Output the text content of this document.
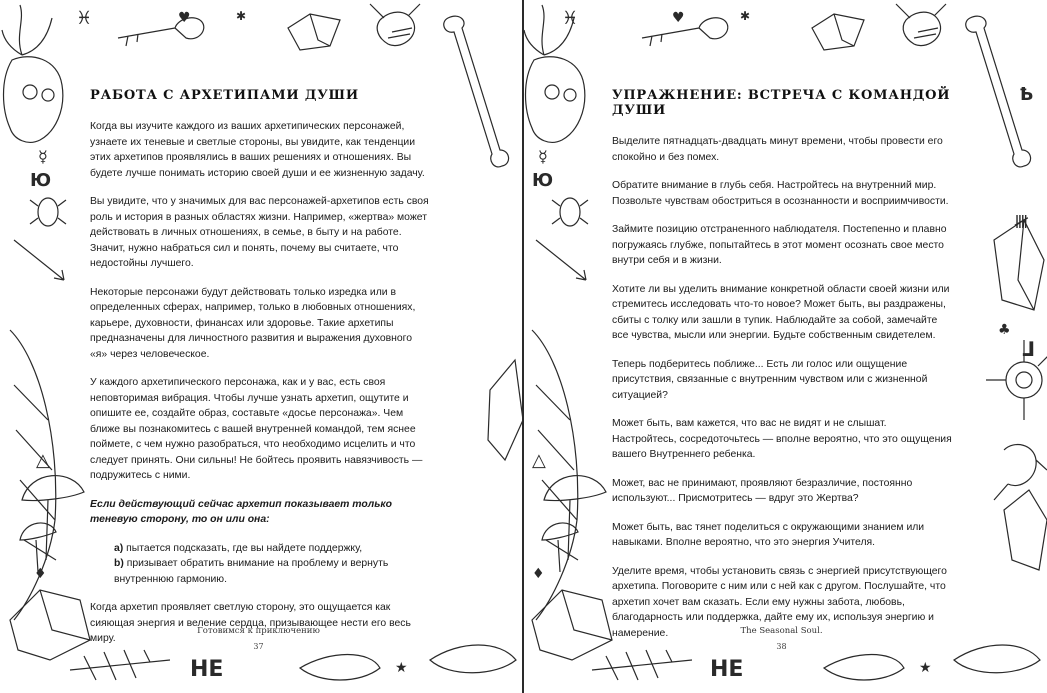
♓	♥	✱
☿
Ю
△
♦
НЕ	★
РАБОТА С АРХЕТИПАМИ ДУШИ

Когда вы изучите каждого из ваших архетипических персонажей, узнаете их теневые и светлые стороны, вы увидите, как тенденции этих архетипов проявлялись в ваших решениях и отношениях. Вы будете лучше понимать историю своей души и ее жизненную задачу.

Вы увидите, что у значимых для вас персонажей-архетипов есть своя роль и история в разных областях жизни. Например, «жертва» может действовать в личных отношениях, в семье, в быту и на работе. Значит, нужно набраться сил и понять, почему вы считаете, что недостойны лучшего.

Некоторые персонажи будут действовать только изредка или в определенных сферах, например, только в любовных отношениях, карьере, духовности, финансах или здоровье. Такие архетипы предназначены для личностного развития и выражения духовного «я» через человеческое.

У каждого архетипического персонажа, как и у вас, есть своя неповторимая вибрация. Чтобы лучше узнать архетип, ощутите и опишите ее, создайте образ, составьте «досье персонажа». Чем ближе вы познакомитесь с вашей внутренней командой, тем яснее поймете, с чем нужно разобраться, что необходимо исцелить и что следует принять. Они сильны! Не бойтесь проявить навязчивость — подружитесь с ними.

Если действующий сейчас архетип показывает только теневую сторону, то он или она:

а) пытается подсказать, где вы найдете поддержку,
b) призывает обратить внимание на проблему и вернуть внутреннюю гармонию.

Когда архетип проявляет светлую сторону, это ощущается как сияющая энергия и веление сердца, призывающее нести его весь миру.

Готовимся к приключению
37
♓	♥	✱
Ҍ
☿
Ю
𝍸
♣
⅃
△
♦
НЕ	★
УПРАЖНЕНИЕ: ВСТРЕЧА С КОМАНДОЙ ДУШИ

Выделите пятнадцать-двадцать минут времени, чтобы провести его спокойно и без помех.

Обратите внимание в глубь себя. Настройтесь на внутренний мир. Позвольте чувствам обостриться в осознанности и восприимчивости.

Займите позицию отстраненного наблюдателя. Постепенно и плавно погружаясь глубже, попытайтесь в этот момент осознать свое место внутри себя и в жизни.

Хотите ли вы уделить внимание конкретной области своей жизни или стремитесь исследовать что-то новое? Может быть, вы раздражены, сбиты с толку или зашли в тупик. Наблюдайте за собой, замечайте все чувства, мысли или энергии. Будьте собственным свидетелем.

Теперь подберитесь поближе... Есть ли голос или ощущение присутствия, связанные с внутренним чувством или с жизненной ситуацией?

Может быть, вам кажется, что вас не видят и не слышат. Настройтесь, сосредоточьтесь — вполне вероятно, что это ощущения вашего Внутреннего ребенка.

Может, вас не принимают, проявляют безразличие, постоянно используют... Присмотритесь — вдруг это Жертва?

Может быть, вас тянет поделиться с окружающими знанием или навыками. Вполне вероятно, что это энергия Учителя.

Уделите время, чтобы установить связь с энергией присутствующего архетипа. Поговорите с ним или с ней как с другом. Послушайте, что архетип хочет вам сказать. Если ему нужны забота, любовь, благодарность или поддержка, дайте ему их, используя энергию и намерение.	The Seasonal Soul.
38
